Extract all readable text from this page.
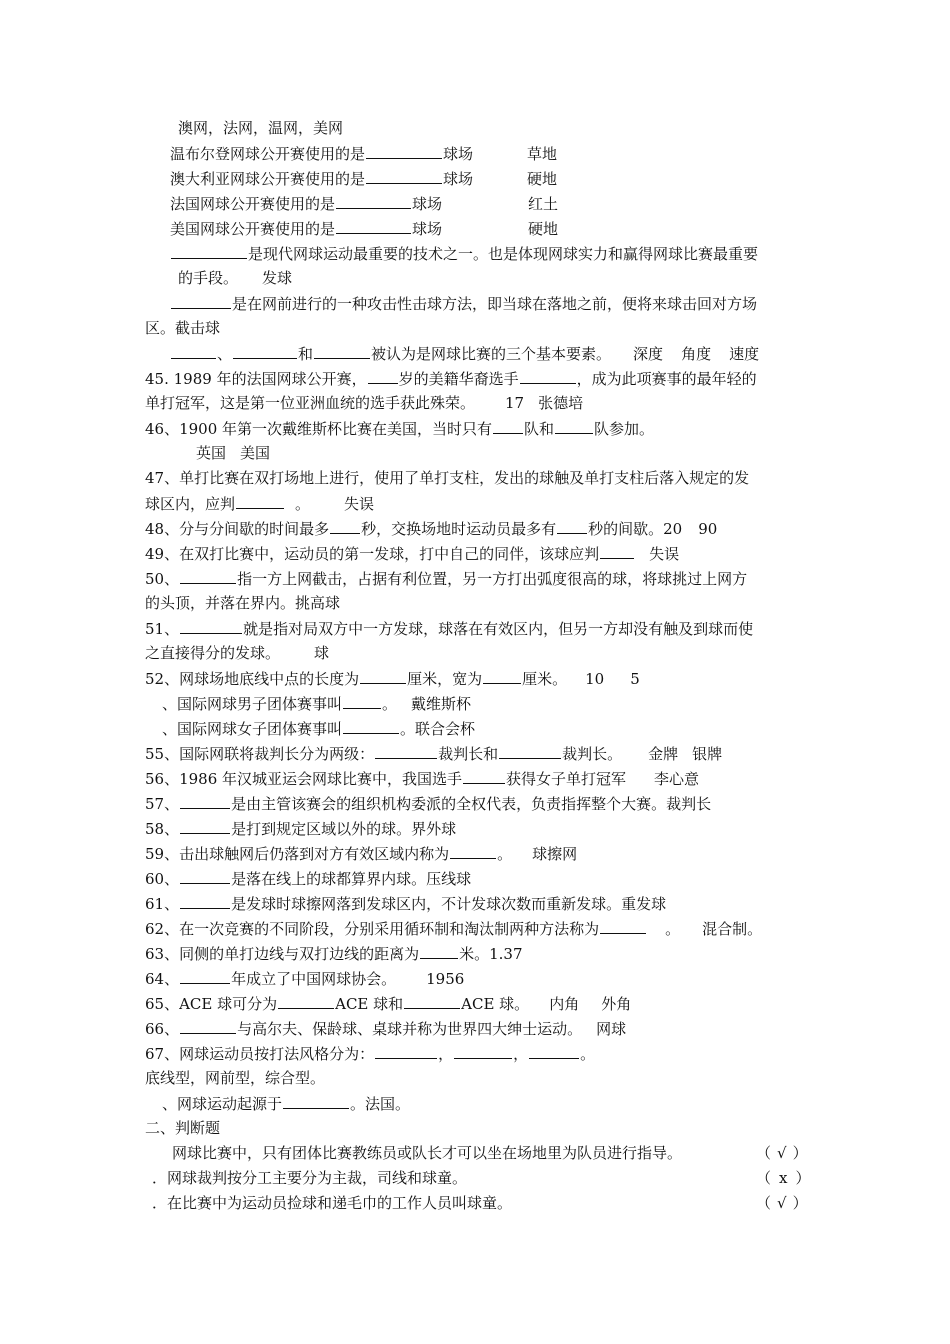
澳网，法网，温网，美网
温布尔登网球公开赛使用的是	球场	草地
澳大利亚网球公开赛使用的是	球场	硬地
法国网球公开赛使用的是	球场	红土
美国网球公开赛使用的是	球场	硬地
是现代网球运动最重要的技术之一。也是体现网球实力和赢得网球比赛最重要
的手段。 发球
是在网前进行的一种攻击性击球方法，即当球在落地之前，便将来球击回对方场
区。截击球
、	和	被认为是网球比赛的三个基本要素。 深度 角度 速度
45. 1989 年的法国网球公开赛， 岁的美籍华裔选手	，成为此项赛事的最年轻的
单打冠军，这是第一位亚洲血统的选手获此殊荣。 17 张德培
46、1900 年第一次戴维斯杯比赛在美国，当时只有 队和	队参加。
英国 美国
47、单打比赛在双打场地上进行，使用了单打支柱，发出的球触及单打支柱后落入规定的发
球区内，应判	。 失误
48、分与分间歇的时间最多 秒，交换场地时运动员最多有 秒的间歇。20 90
49、在双打比赛中，运动员的第一发球，打中自己的同伴，该球应判	失误
50、	指一方上网截击，占据有利位置，另一方打出弧度很高的球，将球挑过上网方
的头顶，并落在界内。挑高球
51、	就是指对局双方中一方发球，球落在有效区内，但另一方却没有触及到球而使
之直接得分的发球。 球
52、网球场地底线中点的长度为	厘米，宽为	厘米。 10 5
、国际网球男子团体赛事叫	。 戴维斯杯
、国际网球女子团体赛事叫	。联合会杯
55、国际网联将裁判长分为两级：	裁判长和	裁判长。 金牌 银牌
56、1986 年汉城亚运会网球比赛中，我国选手	获得女子单打冠军 李心意
57、	是由主管该赛会的组织机构委派的全权代表，负责指挥整个大赛。裁判长
58、	是打到规定区域以外的球。界外球
59、击出球触网后仍落到对方有效区域内称为	。 球擦网
60、	是落在线上的球都算界内球。压线球
61、	是发球时球擦网落到发球区内，不计发球次数而重新发球。重发球
62、在一次竞赛的不同阶段，分别采用循环制和淘汰制两种方法称为	。 混合制。
63、同侧的单打边线与双打边线的距离为	米。1.37
64、	年成立了中国网球协会。 1956
65、ACE 球可分为	ACE 球和	ACE 球。 内角 外角
66、	与高尔夫、保龄球、桌球并称为世界四大绅士运动。 网球
67、网球运动员按打法风格分为：	，	，	。
底线型，网前型，综合型。
、网球运动起源于	。法国。
二、判断题
网球比赛中，只有团体比赛教练员或队长才可以坐在场地里为队员进行指导。	（ √ ）
．网球裁判按分工主要分为主裁，司线和球童。	（ x ）
．在比赛中为运动员捡球和递毛巾的工作人员叫球童。	（ √ ）
